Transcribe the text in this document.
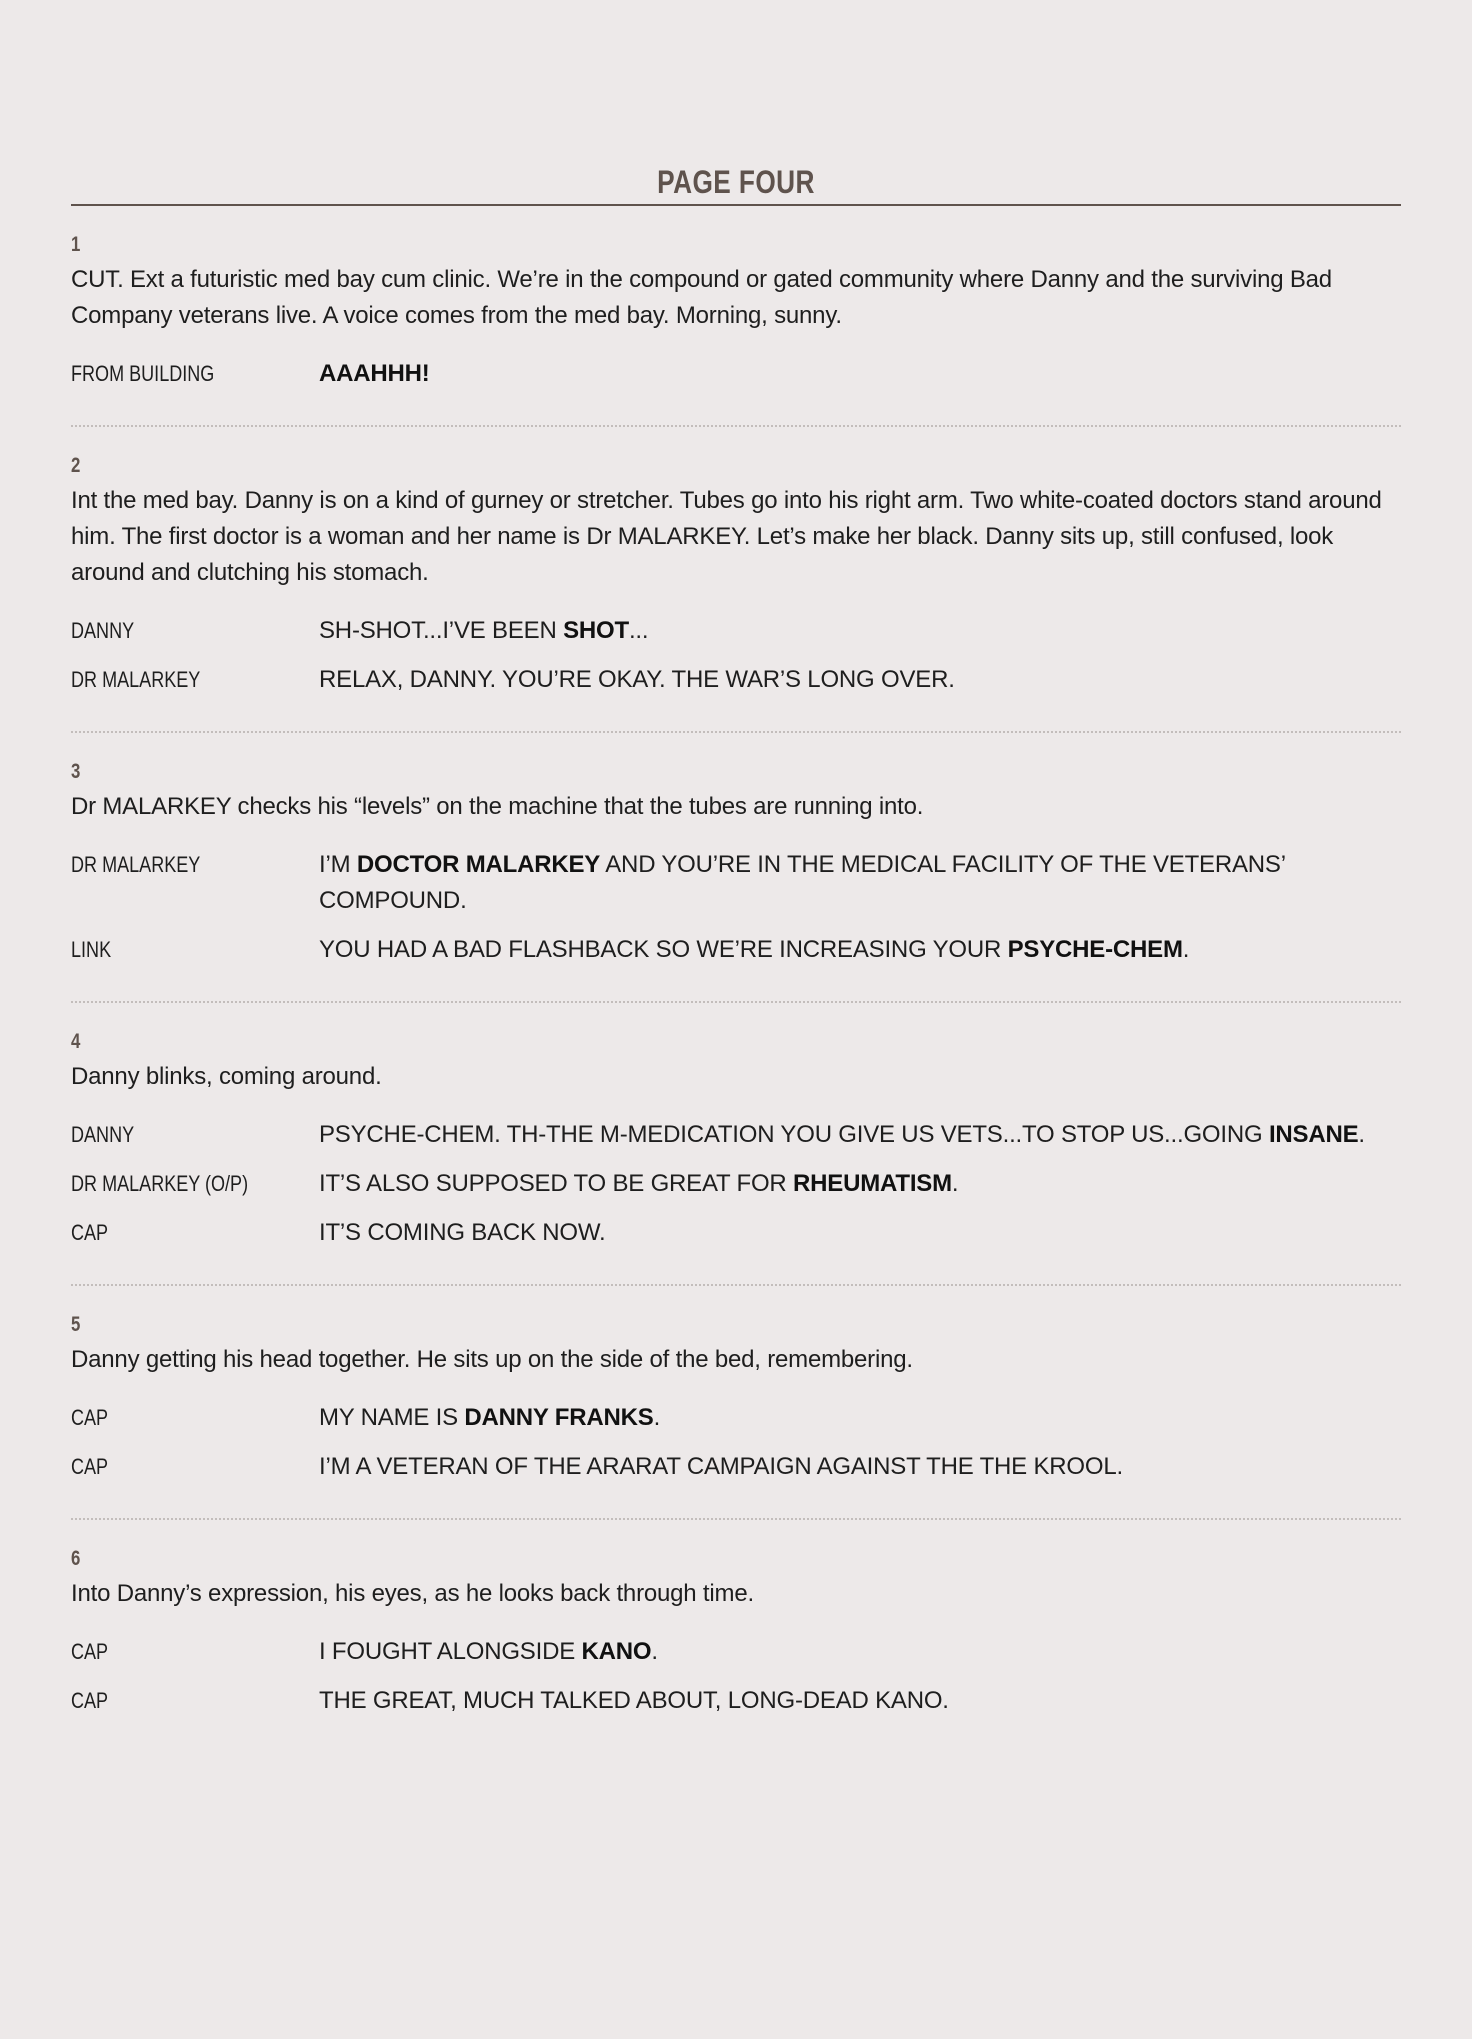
PAGE FOUR
1
CUT. Ext a futuristic med bay cum clinic. We’re in the compound or gated community where Danny and the surviving Bad Company veterans live. A voice comes from the med bay. Morning, sunny.
FROM BUILDING	AAAHHH!
2
Int the med bay. Danny is on a kind of gurney or stretcher. Tubes go into his right arm. Two white-coated doctors stand around him. The first doctor is a woman and her name is Dr MALARKEY. Let’s make her black. Danny sits up, still confused, look around and clutching his stomach.
DANNY	SH-SHOT...I’VE BEEN SHOT...
DR MALARKEY	RELAX, DANNY. YOU’RE OKAY. THE WAR’S LONG OVER.
3
Dr MALARKEY checks his “levels” on the machine that the tubes are running into.
DR MALARKEY	I’M DOCTOR MALARKEY AND YOU’RE IN THE MEDICAL FACILITY OF THE VETERANS’ COMPOUND.
LINK	YOU HAD A BAD FLASHBACK SO WE’RE INCREASING YOUR PSYCHE-CHEM.
4
Danny blinks, coming around.
DANNY	PSYCHE-CHEM. TH-THE M-MEDICATION YOU GIVE US VETS...TO STOP US...GOING INSANE.
DR MALARKEY (O/P)	IT’S ALSO SUPPOSED TO BE GREAT FOR RHEUMATISM.
CAP	IT’S COMING BACK NOW.
5
Danny getting his head together. He sits up on the side of the bed, remembering.
CAP	MY NAME IS DANNY FRANKS.
CAP	I’M A VETERAN OF THE ARARAT CAMPAIGN AGAINST THE THE KROOL.
6
Into Danny’s expression, his eyes, as he looks back through time.
CAP	I FOUGHT ALONGSIDE KANO.
CAP	THE GREAT, MUCH TALKED ABOUT, LONG-DEAD KANO.
